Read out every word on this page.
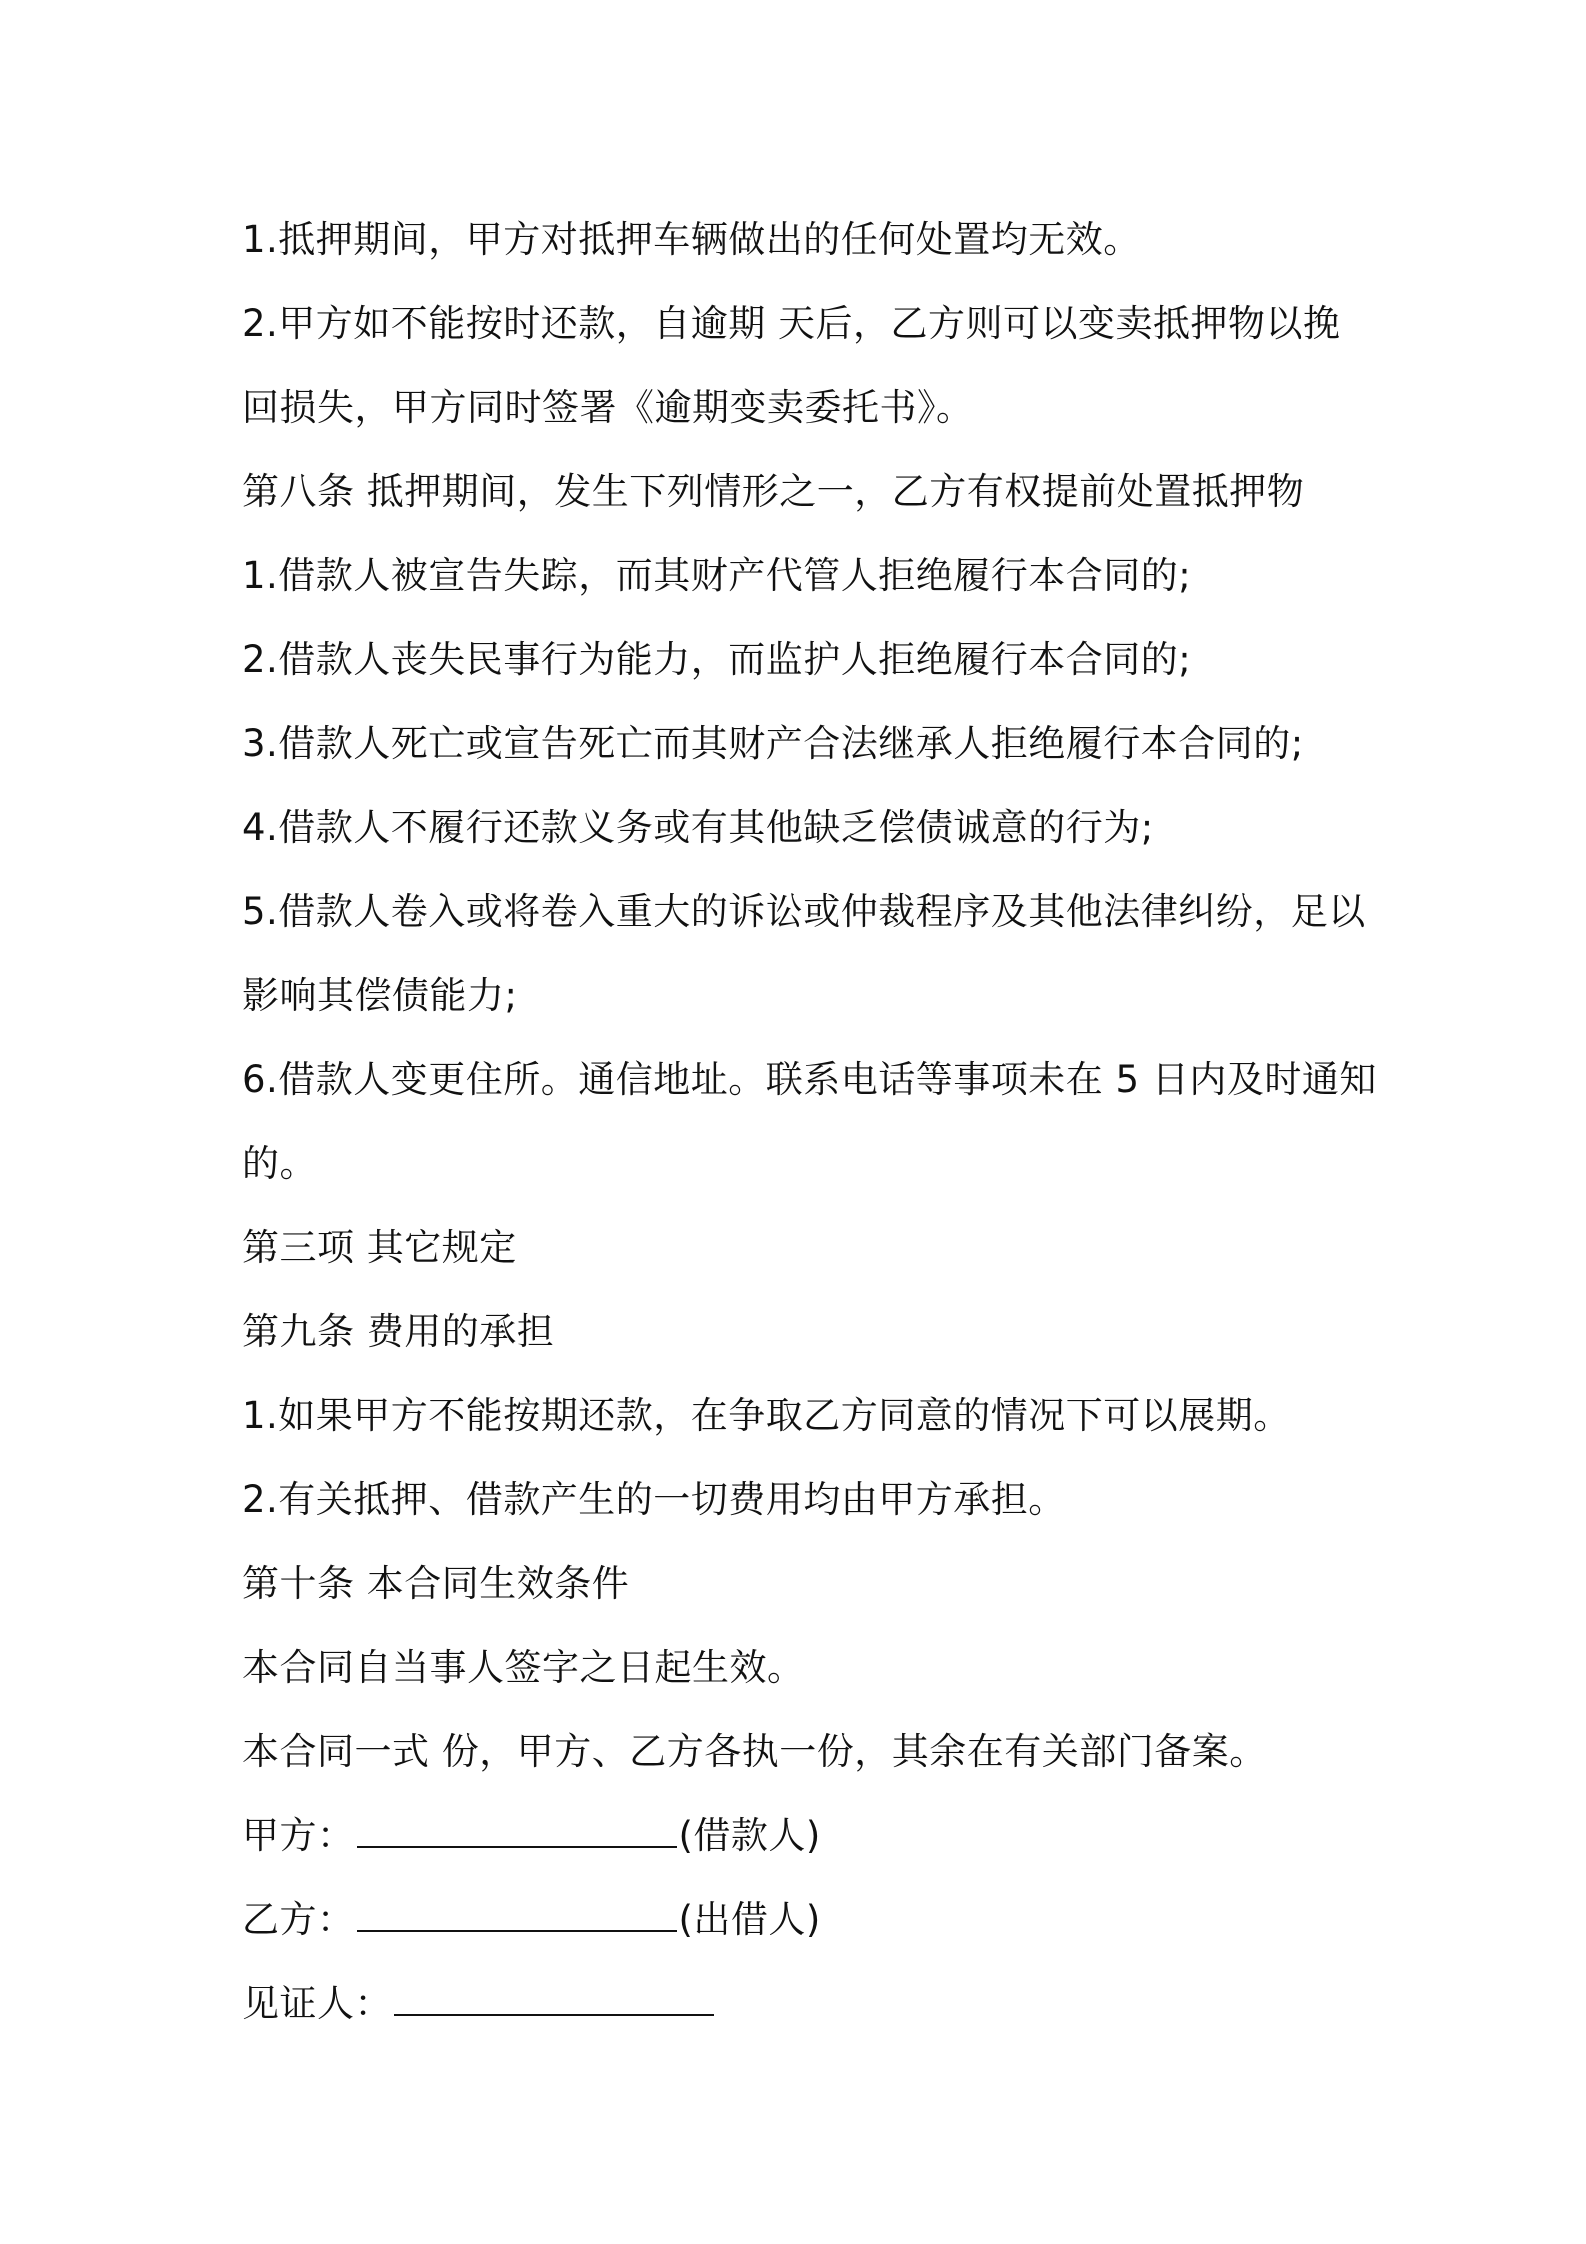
1.抵押期间，甲方对抵押车辆做出的任何处置均无效。
2.甲方如不能按时还款，自逾期 天后，乙方则可以变卖抵押物以挽
回损失，甲方同时签署《逾期变卖委托书》。
第八条 抵押期间，发生下列情形之一，乙方有权提前处置抵押物
1.借款人被宣告失踪，而其财产代管人拒绝履行本合同的;
2.借款人丧失民事行为能力，而监护人拒绝履行本合同的;
3.借款人死亡或宣告死亡而其财产合法继承人拒绝履行本合同的;
4.借款人不履行还款义务或有其他缺乏偿债诚意的行为;
5.借款人卷入或将卷入重大的诉讼或仲裁程序及其他法律纠纷，足以
影响其偿债能力;
6.借款人变更住所。通信地址。联系电话等事项未在 5 日内及时通知
的。
第三项 其它规定
第九条 费用的承担
1.如果甲方不能按期还款，在争取乙方同意的情况下可以展期。
2.有关抵押、借款产生的一切费用均由甲方承担。
第十条 本合同生效条件
本合同自当事人签字之日起生效。
本合同一式 份，甲方、乙方各执一份，其余在有关部门备案。
甲方：	(借款人)
乙方：	(出借人)
见证人：
